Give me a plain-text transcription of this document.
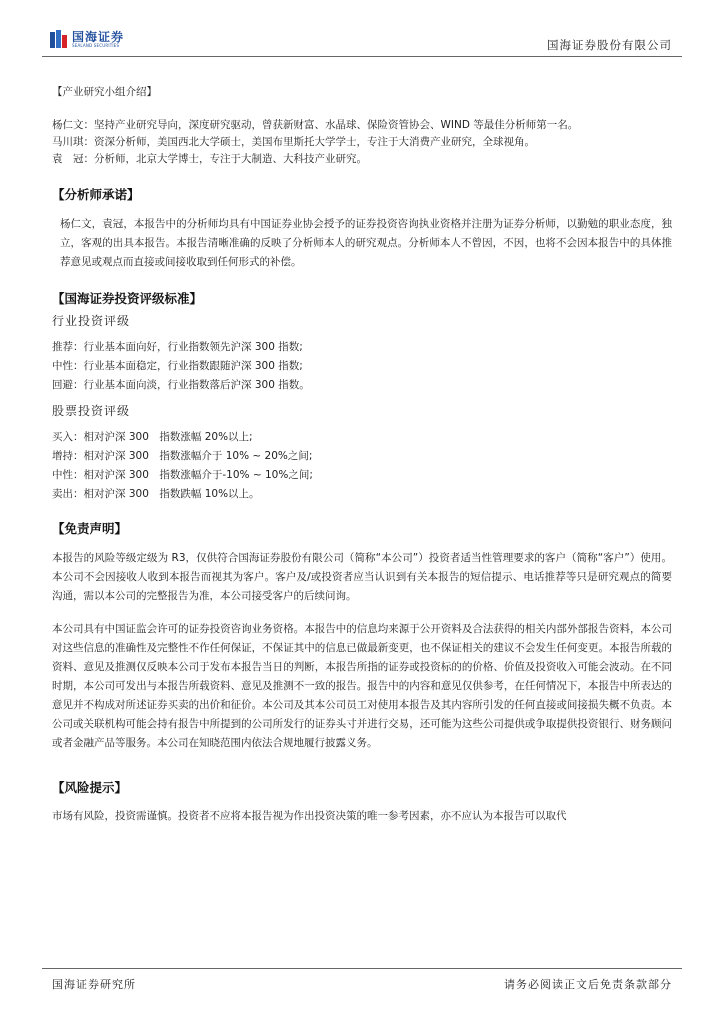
国海证券
SEALAND SECURITIES	国海证券股份有限公司

【产业研究小组介绍】

杨仁文：坚持产业研究导向，深度研究驱动，曾获新财富、水晶球、保险资管协会、WIND 等最佳分析师第一名。

马川琪：资深分析师，美国西北大学硕士，美国布里斯托大学学士，专注于大消费产业研究，全球视角。

袁　冠：分析师，北京大学博士，专注于大制造、大科技产业研究。

【分析师承诺】

杨仁文，袁冠，本报告中的分析师均具有中国证券业协会授予的证券投资咨询执业资格并注册为证券分析师，以勤勉的职业态度，独立，客观的出具本报告。本报告清晰准确的反映了分析师本人的研究观点。分析师本人不曾因，不因，也将不会因本报告中的具体推荐意见或观点而直接或间接收取到任何形式的补偿。

【国海证券投资评级标准】

行业投资评级

推荐：行业基本面向好，行业指数领先沪深 300 指数;

中性：行业基本面稳定，行业指数跟随沪深 300 指数;

回避：行业基本面向淡，行业指数落后沪深 300 指数。

股票投资评级

买入：相对沪深 300　指数涨幅 20%以上;

增持：相对沪深 300　指数涨幅介于 10% ~ 20%之间;

中性：相对沪深 300　指数涨幅介于-10% ~ 10%之间;

卖出：相对沪深 300　指数跌幅 10%以上。

【免责声明】

本报告的风险等级定级为 R3，仅供符合国海证券股份有限公司（简称“本公司”）投资者适当性管理要求的客户（简称“客户”）使用。本公司不会因接收人收到本报告而视其为客户。客户及/或投资者应当认识到有关本报告的短信提示、电话推荐等只是研究观点的简要沟通，需以本公司的完整报告为准，本公司接受客户的后续问询。

本公司具有中国证监会许可的证券投资咨询业务资格。本报告中的信息均来源于公开资料及合法获得的相关内部外部报告资料，本公司对这些信息的准确性及完整性不作任何保证，不保证其中的信息已做最新变更，也不保证相关的建议不会发生任何变更。本报告所载的资料、意见及推测仅反映本公司于发布本报告当日的判断，本报告所指的证券或投资标的的价格、价值及投资收入可能会波动。在不同时期，本公司可发出与本报告所载资料、意见及推测不一致的报告。报告中的内容和意见仅供参考，在任何情况下，本报告中所表达的意见并不构成对所述证券买卖的出价和征价。本公司及其本公司员工对使用本报告及其内容所引发的任何直接或间接损失概不负责。本公司或关联机构可能会持有报告中所提到的公司所发行的证券头寸并进行交易，还可能为这些公司提供或争取提供投资银行、财务顾问或者金融产品等服务。本公司在知晓范围内依法合规地履行披露义务。

【风险提示】

市场有风险，投资需谨慎。投资者不应将本报告视为作出投资决策的唯一参考因素，亦不应认为本报告可以取代

国海证券研究所	请务必阅读正文后免责条款部分
